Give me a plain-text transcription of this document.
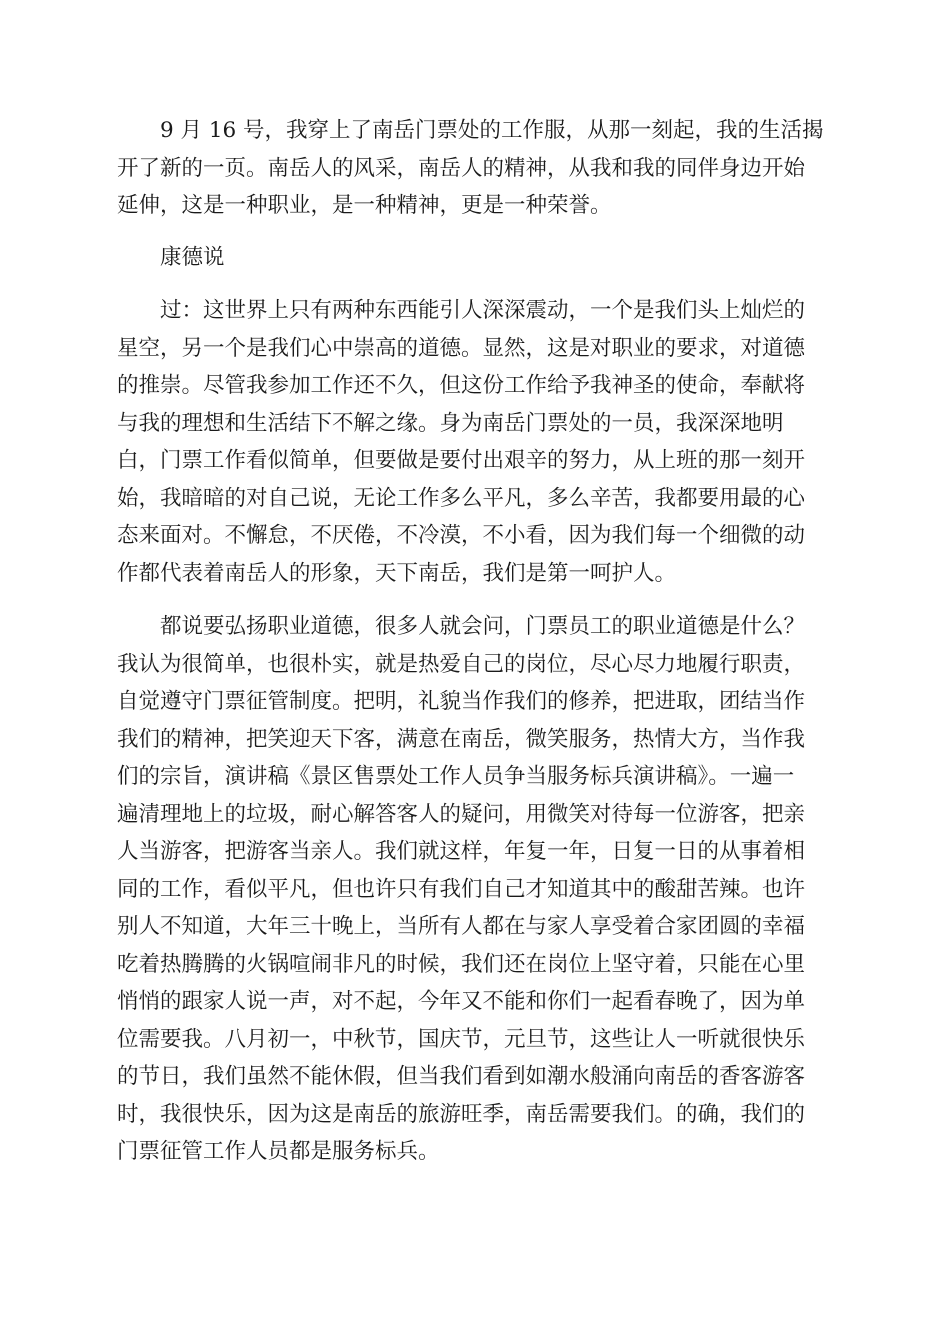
9 月 16 号，我穿上了南岳门票处的工作服，从那一刻起，我的生活揭
开了新的一页。南岳人的风采，南岳人的精神，从我和我的同伴身边开始
延伸，这是一种职业，是一种精神，更是一种荣誉。
康德说
过：这世界上只有两种东西能引人深深震动，一个是我们头上灿烂的
星空，另一个是我们心中崇高的道德。显然，这是对职业的要求，对道德
的推崇。尽管我参加工作还不久，但这份工作给予我神圣的使命，奉献将
与我的理想和生活结下不解之缘。身为南岳门票处的一员，我深深地明
白，门票工作看似简单，但要做是要付出艰辛的努力，从上班的那一刻开
始，我暗暗的对自己说，无论工作多么平凡，多么辛苦，我都要用最的心
态来面对。不懈怠，不厌倦，不冷漠，不小看，因为我们每一个细微的动
作都代表着南岳人的形象，天下南岳，我们是第一呵护人。
都说要弘扬职业道德，很多人就会问，门票员工的职业道德是什么？
我认为很简单，也很朴实，就是热爱自己的岗位，尽心尽力地履行职责，
自觉遵守门票征管制度。把明，礼貌当作我们的修养，把进取，团结当作
我们的精神，把笑迎天下客，满意在南岳，微笑服务，热情大方，当作我
们的宗旨，演讲稿《景区售票处工作人员争当服务标兵演讲稿》。一遍一
遍清理地上的垃圾，耐心解答客人的疑问，用微笑对待每一位游客，把亲
人当游客，把游客当亲人。我们就这样，年复一年，日复一日的从事着相
同的工作，看似平凡，但也许只有我们自己才知道其中的酸甜苦辣。也许
别人不知道，大年三十晚上，当所有人都在与家人享受着合家团圆的幸福
吃着热腾腾的火锅喧闹非凡的时候，我们还在岗位上坚守着，只能在心里
悄悄的跟家人说一声，对不起，今年又不能和你们一起看春晚了，因为单
位需要我。八月初一，中秋节，国庆节，元旦节，这些让人一听就很快乐
的节日，我们虽然不能休假，但当我们看到如潮水般涌向南岳的香客游客
时，我很快乐，因为这是南岳的旅游旺季，南岳需要我们。的确，我们的
门票征管工作人员都是服务标兵。
